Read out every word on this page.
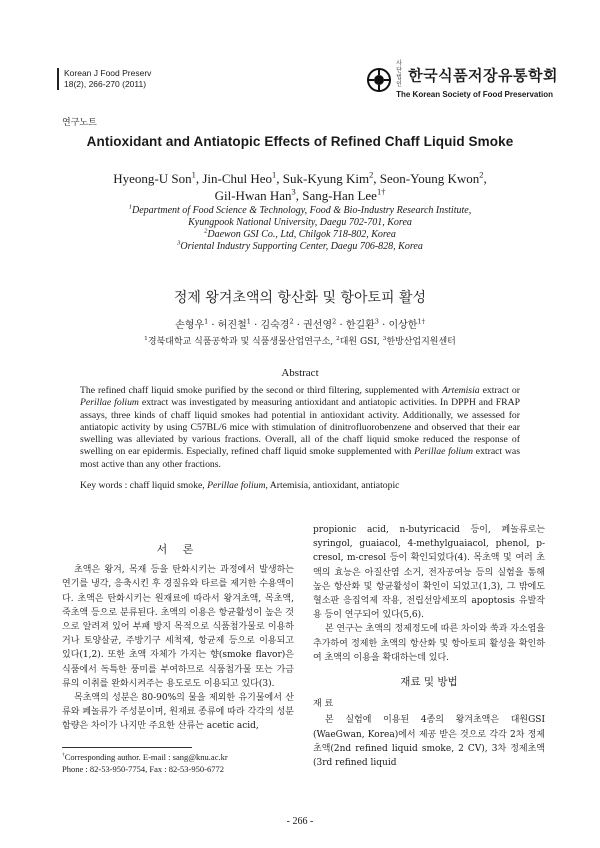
Korean J Food Preserv
18(2), 266-270 (2011)
사단법인한국식품저장유통학회
The Korean Society of Food Preservation
연구노트
Antioxidant and Antiatopic Effects of Refined Chaff Liquid Smoke
Hyeong-U Son$^1$, Jin-Chul Heo$^1$, Suk-Kyung Kim$^2$, Seon-Young Kwon$^2$,
Gil-Hwan Han$^3$, Sang-Han Lee$^{1\dagger}$
$^1$Department of Food Science & Technology, Food & Bio-Industry Research Institute,
Kyungpook National University, Daegu 702-701, Korea
$^2$Daewon GSI Co., Ltd, Chilgok 718-802, Korea
$^3$Oriental Industry Supporting Center, Daegu 706-828, Korea
정제 왕겨초액의 항산화 및 항아토피 활성
손형우$^1$ · 허진철$^1$ · 김숙경$^2$ · 권선영$^2$ · 한길환$^3$ · 이상한$^{1\dagger}$
$^1$경북대학교 식품공학과 및 식품생물산업연구소, $^2$대원 GSI, $^3$한방산업지원센터
Abstract
The refined chaff liquid smoke purified by the second or third filtering, supplemented with Artemisia extract or Perillae folium extract was investigated by measuring antioxidant and antiatopic activities. In DPPH and FRAP assays, three kinds of chaff liquid smokes had potential in antioxidant activity. Additionally, we assessed for antiatopic activity by using C57BL/6 mice with stimulation of dinitrofluorobenzene and observed that their ear swelling was alleviated by various fractions. Overall, all of the chaff liquid smoke reduced the response of swelling on ear epidermis. Especially, refined chaff liquid smoke supplemented with Perillae folium extract was most active than any other fractions.
Key words : chaff liquid smoke, Perillae folium, Artemisia, antioxidant, antiatopic
서 론

초액은 왕겨, 목재 등을 탄화시키는 과정에서 발생하는 연기를 냉각, 응축시킨 후 경질유와 타르를 제거한 수용액이다. 초액은 탄화시키는 원재료에 따라서 왕겨초액, 목초액, 죽초액 등으로 분류된다. 초액의 이용은 항균활성이 높은 것으로 알려져 있어 부패 방지 목적으로 식품첨가물로 이용하거나 토양살균, 주방기구 세척제, 항균제 등으로 이용되고 있다(1,2). 또한 초액 자체가 가지는 향(smoke flavor)은 식품에서 독특한 풍미를 부여하므로 식품첨가물 또는 가금류의 이취를 완화시켜주는 용도로도 이용되고 있다(3).

목초액의 성분은 80-90%의 물을 제외한 유기물에서 산류와 페놀류가 주성분이며, 원재료 종류에 따라 각각의 성분 함량은 차이가 나지만 주요한 산류는 acetic acid,

propionic acid, n-butyricacid 등이, 페놀류로는 syringol, guaiacol, 4-methylguaiacol, phenol, p-cresol, m-cresol 등이 확인되었다(4). 목초액 및 여러 초액의 효능은 아질산염 소거, 전자공여능 등의 실험을 통해 높은 항산화 및 항균활성이 확인이 되었고(1,3), 그 밖에도 혈소판 응집억제 작용, 전립선암세포의 apoptosis 유발작용 등이 연구되어 있다(5,6).

본 연구는 초액의 정제정도에 따른 차이와 쑥과 자소엽을 추가하여 정제한 초액의 항산화 및 항아토피 활성을 확인하여 초액의 이용을 확대하는데 있다.

재료 및 방법
재 료

본 실험에 이용된 4종의 왕겨초액은 대원GSI (WaeGwan, Korea)에서 제공 받은 것으로 각각 2차 정제초액(2nd refined liquid smoke, 2 CV), 3차 정제초액(3rd refined liquid

†Corresponding author. E-mail : sang@knu.ac.kr
Phone : 82-53-950-7754, Fax : 82-53-950-6772
- 266 -
